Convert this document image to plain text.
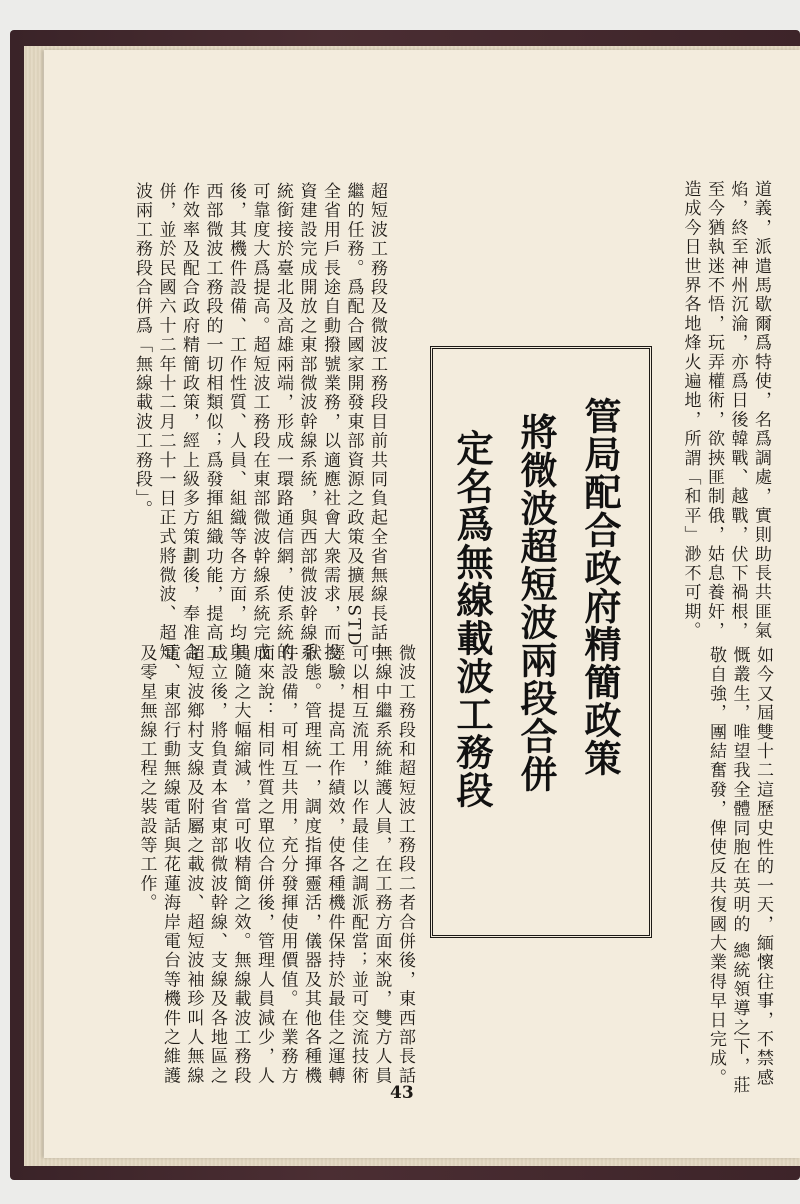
道義，派遣馬歇爾爲特使，名爲調處，實則助長共匪氣焰，終至神州沉淪，亦爲日後韓戰、越戰，伏下禍根，至今猶執迷不悟，玩弄權術，欲挾匪制俄，姑息養奸，造成今日世界各地烽火遍地，所謂「和平」渺不可期。
如今又屆雙十二這歷史性的一天，緬懷往事，不禁感慨叢生，唯望我全體同胞在英明的 總統領導之下，莊敬自強，團結奮發，俾使反共復國大業得早日完成。
管局配合政府精簡政策
將微波超短波兩段合併
定名爲無線載波工務段
超短波工務段及微波工務段目前共同負起全省無線長話中繼的任務。爲配合國家開發東部資源之政策及擴展STD全省用戶長途自動撥號業務，以適應社會大衆需求，而投資建設完成開放之東部微波幹線系統，與西部微波幹線系統銜接於臺北及高雄兩端，形成一環路通信網，使系統的可靠度大爲提高。超短波工務段在東部微波幹線系統完成後，其機件設備、工作性質、人員、組織等各方面，均與西部微波工務段的一切相類似；爲發揮組織功能，提高工作效率及配合政府精簡政策，經上級多方策劃後，奉准合併，並於民國六十二年十二月二十一日正式將微波、超短波兩工務段合併爲「無線載波工務段」。
微波工務段和超短波工務段二者合併後，東西部長話無線中繼系統維護人員，在工務方面來說，雙方人員可以相互流用，以作最佳之調派配當；並可交流技術經驗，提高工作績效，使各種機件保持於最佳之運轉狀態。管理統一，調度指揮靈活，儀器及其他各種機件設備，可相互共用，充分發揮使用價值。在業務方面來說：相同性質之單位合併後，管理人員減少，人員隨之大幅縮減，當可收精簡之效。無線載波工務段成立後，將負責本省東部微波幹線、支線及各地區之超短波鄉村支線及附屬之載波、超短波袖珍叫人無線電、東部行動無線電話與花蓮海岸電台等機件之維護及零星無線工程之裝設等工作。
43
